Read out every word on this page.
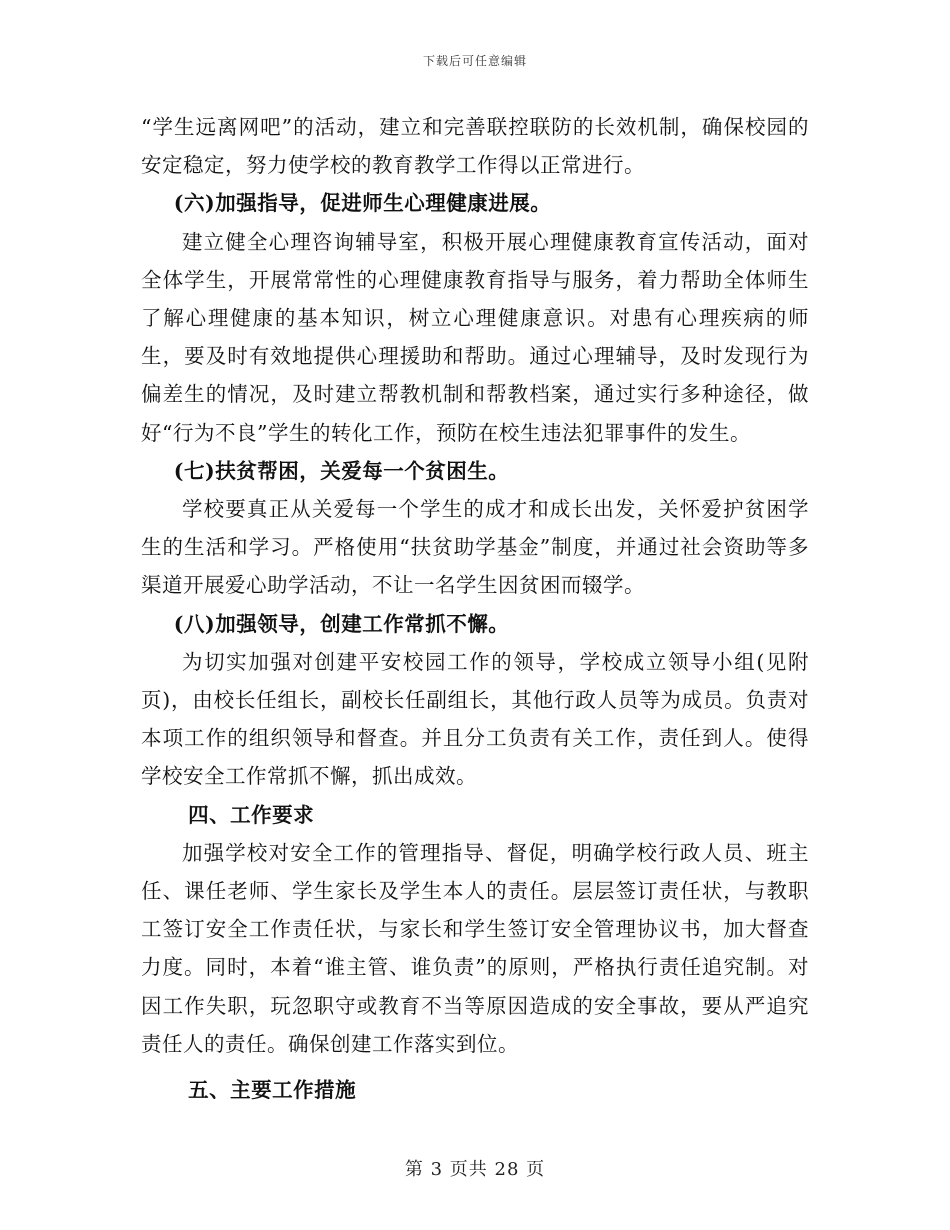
下载后可任意编辑

“学生远离网吧”的活动，建立和完善联控联防的长效机制，确保校园的安定稳定，努力使学校的教育教学工作得以正常进行。

(六)加强指导，促进师生心理健康进展。

建立健全心理咨询辅导室，积极开展心理健康教育宣传活动，面对全体学生，开展常常性的心理健康教育指导与服务，着力帮助全体师生了解心理健康的基本知识，树立心理健康意识。对患有心理疾病的师生，要及时有效地提供心理援助和帮助。通过心理辅导，及时发现行为偏差生的情况，及时建立帮教机制和帮教档案，通过实行多种途径，做好“行为不良”学生的转化工作，预防在校生违法犯罪事件的发生。

(七)扶贫帮困，关爱每一个贫困生。

学校要真正从关爱每一个学生的成才和成长出发，关怀爱护贫困学生的生活和学习。严格使用“扶贫助学基金”制度，并通过社会资助等多渠道开展爱心助学活动，不让一名学生因贫困而辍学。

(八)加强领导，创建工作常抓不懈。

为切实加强对创建平安校园工作的领导，学校成立领导小组(见附页)，由校长任组长，副校长任副组长，其他行政人员等为成员。负责对本项工作的组织领导和督查。并且分工负责有关工作，责任到人。使得学校安全工作常抓不懈，抓出成效。

四、工作要求

加强学校对安全工作的管理指导、督促，明确学校行政人员、班主任、课任老师、学生家长及学生本人的责任。层层签订责任状，与教职工签订安全工作责任状，与家长和学生签订安全管理协议书，加大督查力度。同时，本着“谁主管、谁负责”的原则，严格执行责任追究制。对因工作失职，玩忽职守或教育不当等原因造成的安全事故，要从严追究责任人的责任。确保创建工作落实到位。

五、主要工作措施

第 3 页共 28 页
